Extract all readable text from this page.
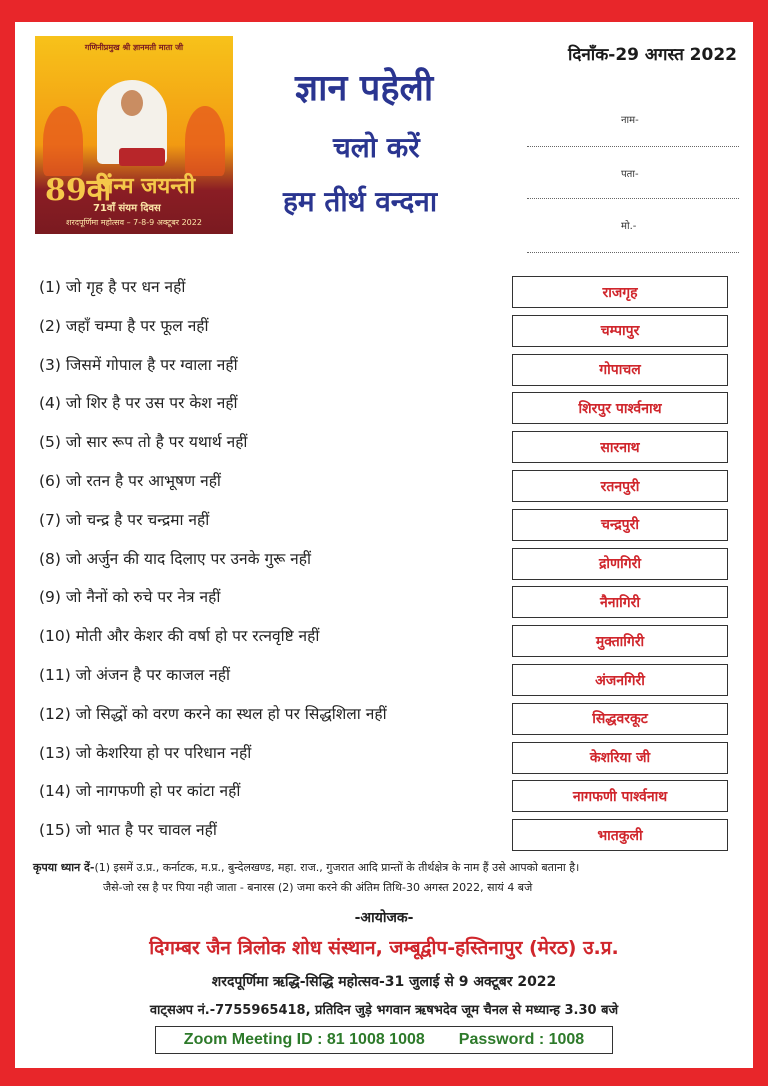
गणिनीप्रमुख श्री ज्ञानमती माता जी
89वीं
जन्म जयन्ती
71वाँ संयम दिवस
शरदपूर्णिमा महोत्सव – 7-8-9 अक्टूबर 2022
ज्ञान पहेली
चलो करें
हम तीर्थ वन्दना
दिनाँक-29 अगस्त 2022
नाम-
पता-
मो.-
(1) जो गृह है पर धन नहीं	राजगृह
(2) जहाँ चम्पा है पर फूल नहीं	चम्पापुर
(3) जिसमें गोपाल है पर ग्वाला नहीं	गोपाचल
(4) जो शिर है पर उस पर केश नहीं	शिरपुर पार्श्वनाथ
(5) जो सार रूप तो है पर यथार्थ नहीं	सारनाथ
(6) जो रतन है पर आभूषण नहीं	रतनपुरी
(7) जो चन्द्र है पर चन्द्रमा नहीं	चन्द्रपुरी
(8) जो अर्जुन की याद दिलाए पर उनके गुरू नहीं	द्रोणगिरी
(9) जो नैनों को रुचे पर नेत्र नहीं	नैनागिरी
(10) मोती और केशर की वर्षा हो पर रत्नवृष्टि नहीं	मुक्तागिरी
(11) जो अंजन है पर काजल नहीं	अंजनगिरी
(12) जो सिद्धों को वरण करने का स्थल हो पर सिद्धशिला नहीं	सिद्धवरकूट
(13) जो केशरिया हो पर परिधान नहीं	केशरिया जी
(14) जो नागफणी हो पर कांटा नहीं	नागफणी पार्श्वनाथ
(15) जो भात है पर चावल नहीं	भातकुली
कृपया ध्यान दें-(1) इसमें उ.प्र., कर्नाटक, म.प्र., बुन्देलखण्ड, महा. राज., गुजरात आदि प्रान्तों के तीर्थक्षेत्र के नाम हैं उसे आपको बताना है।
जैसे-जो रस है पर पिया नही जाता - बनारस (2) जमा करने की अंतिम तिथि-30 अगस्त 2022, सायं 4 बजे
-आयोजक-
दिगम्बर जैन त्रिलोक शोध संस्थान, जम्बूद्वीप-हस्तिनापुर (मेरठ) उ.प्र.
शरदपूर्णिमा ऋद्धि-सिद्धि महोत्सव-31 जुलाई से 9 अक्टूबर 2022
वाट्सअप नं.-7755965418, प्रतिदिन जुड़े भगवान ऋषभदेव जूम चैनल से मध्यान्ह 3.30 बजे
Zoom Meeting ID : 81 1008 1008 Password : 1008
